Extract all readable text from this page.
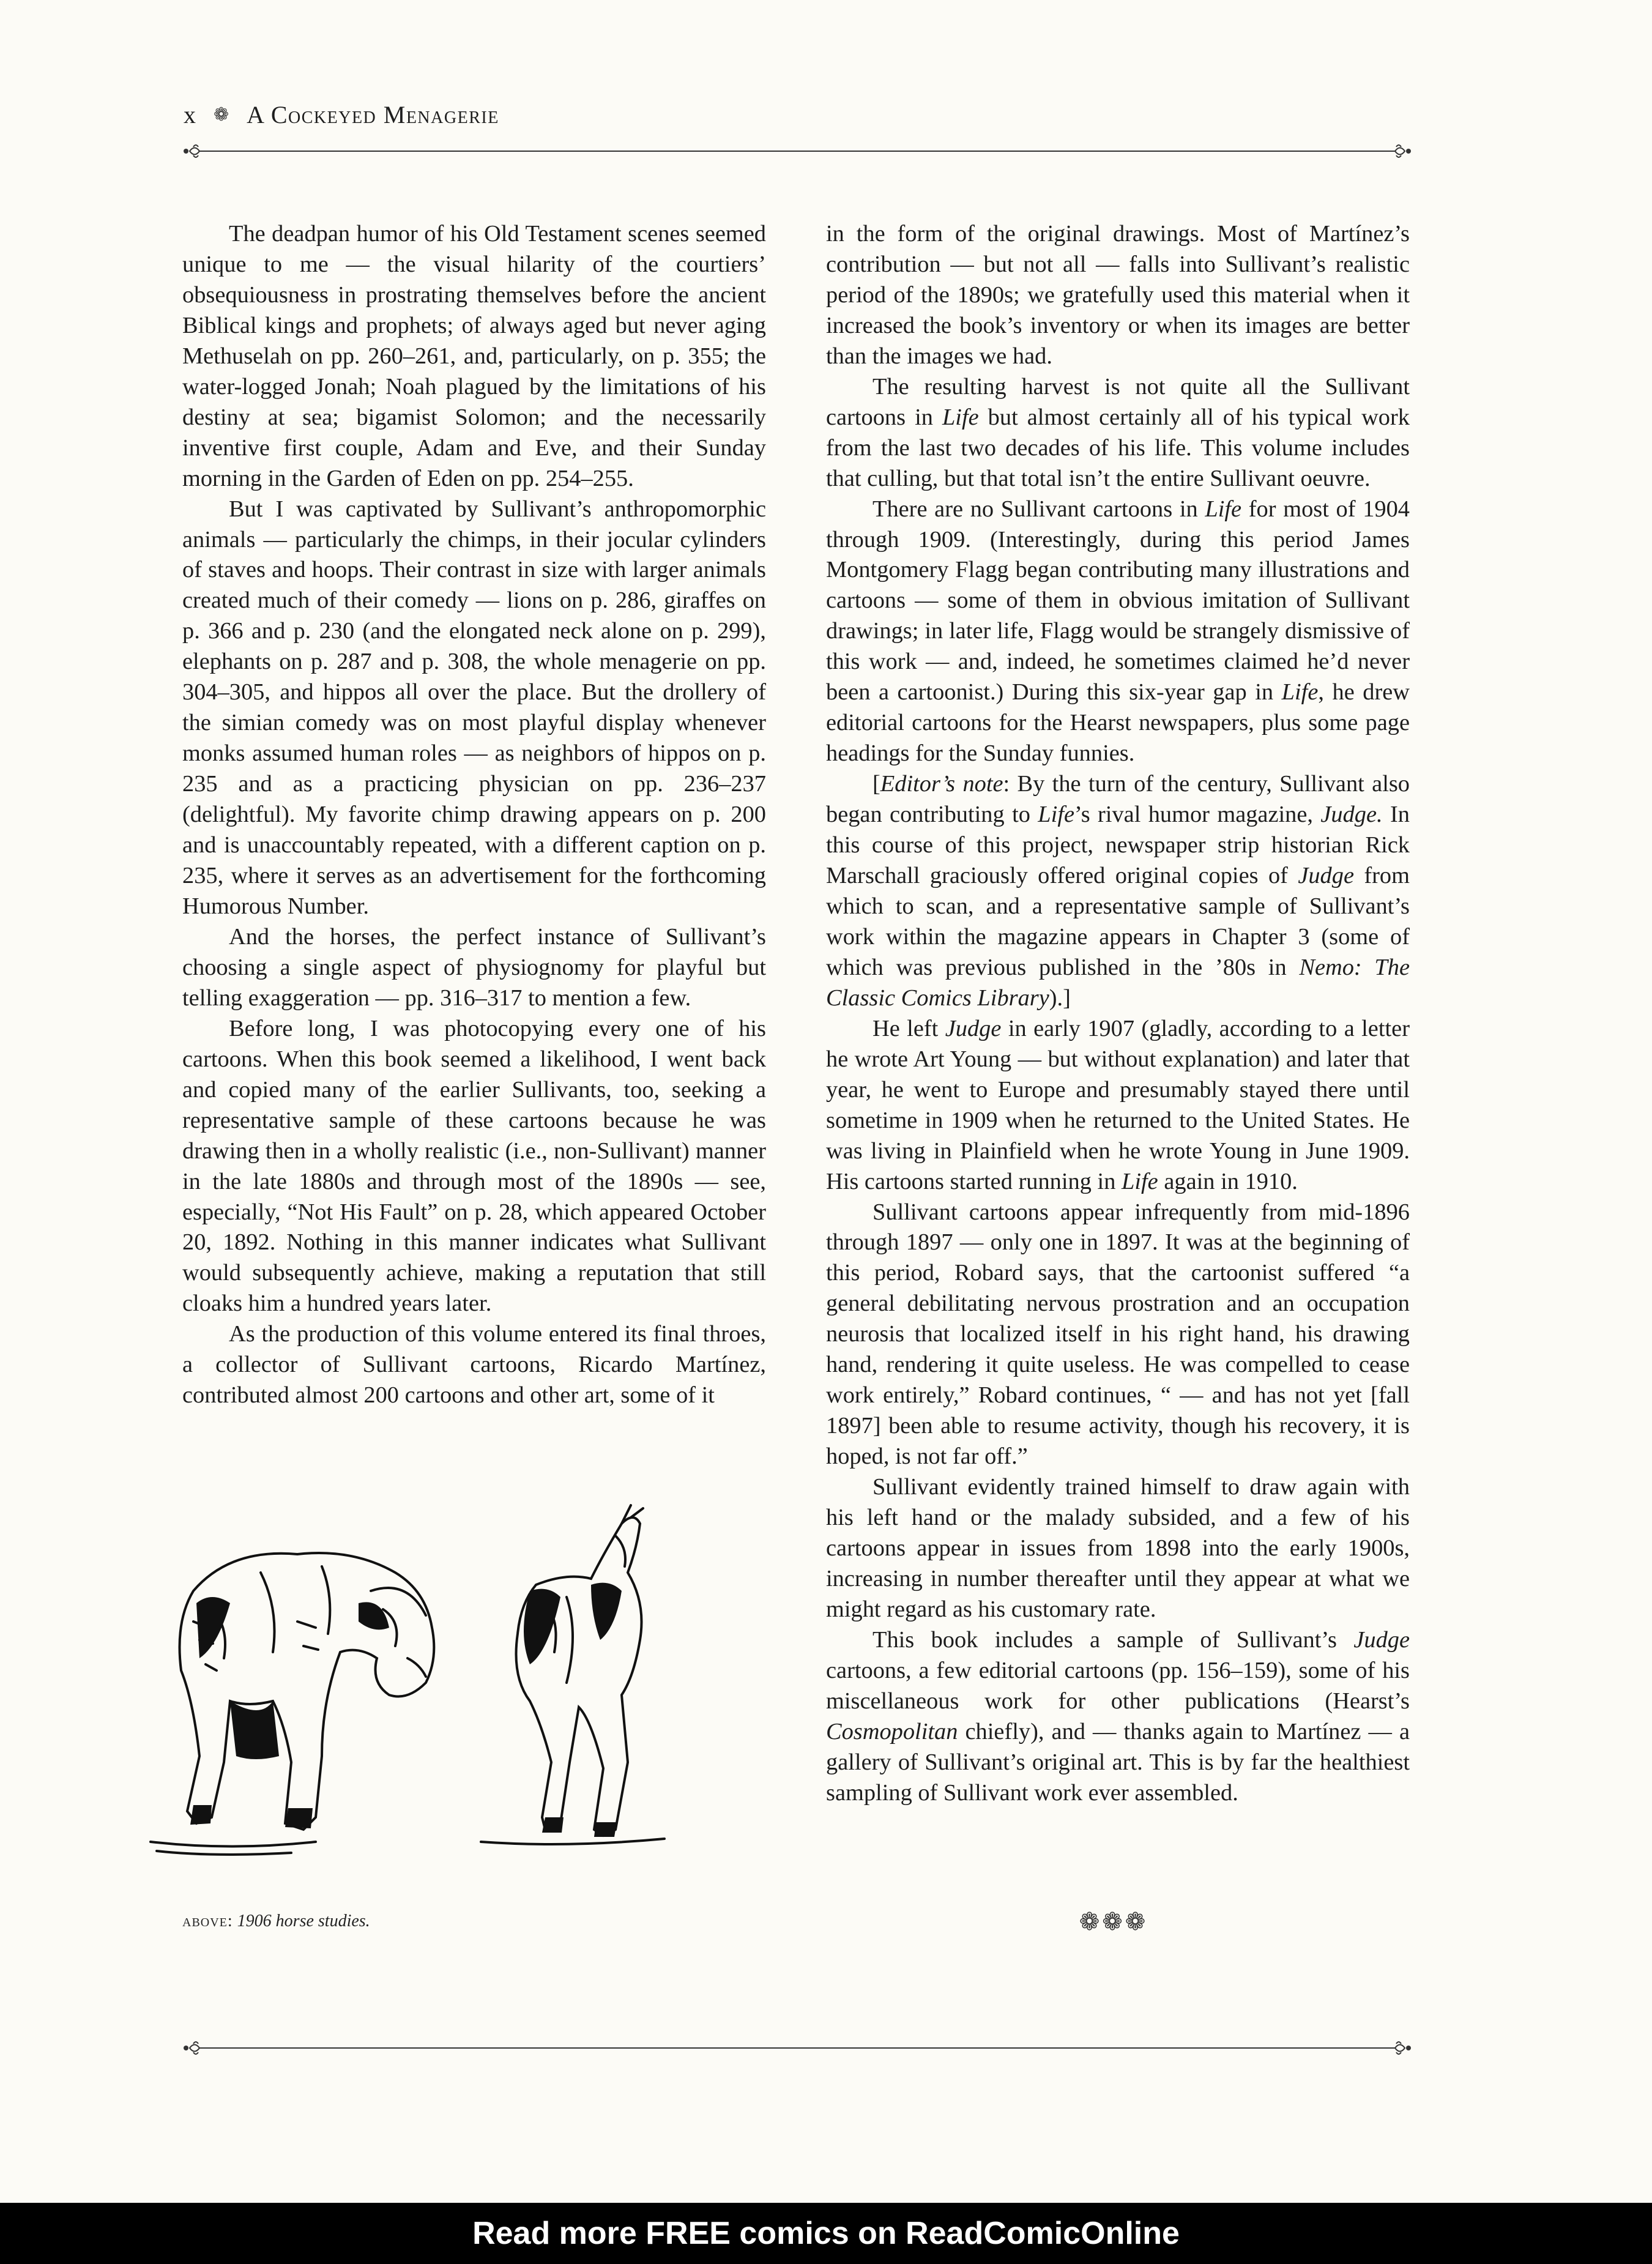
x ❁ A Cockeyed Menagerie

The deadpan humor of his Old Testament scenes seemed unique to me — the visual hilarity of the courtiers’ obsequiousness in prostrating themselves before the ancient Biblical kings and prophets; of always aged but never aging Methuselah on pp. 260–261, and, particularly, on p. 355; the water-logged Jonah; Noah plagued by the limitations of his destiny at sea; bigamist Solomon; and the necessarily inventive first couple, Adam and Eve, and their Sunday morning in the Garden of Eden on pp. 254–255.

But I was captivated by Sullivant’s anthropomorphic animals — particularly the chimps, in their jocular cylinders of staves and hoops. Their contrast in size with larger animals created much of their comedy — lions on p. 286, giraffes on p. 366 and p. 230 (and the elongated neck alone on p. 299), elephants on p. 287 and p. 308, the whole menagerie on pp. 304–305, and hippos all over the place. But the drollery of the simian comedy was on most playful display whenever monks assumed human roles — as neighbors of hippos on p. 235 and as a practicing physician on pp. 236–237 (delightful). My favorite chimp drawing appears on p. 200 and is unaccountably repeated, with a different caption on p. 235, where it serves as an advertisement for the forthcoming Humorous Number.

And the horses, the perfect instance of Sullivant’s choosing a single aspect of physiognomy for playful but telling exaggeration — pp. 316–317 to mention a few.

Before long, I was photocopying every one of his cartoons. When this book seemed a likelihood, I went back and copied many of the earlier Sullivants, too, seeking a representative sample of these cartoons because he was drawing then in a wholly realistic (i.e., non-Sullivant) manner in the late 1880s and through most of the 1890s — see, especially, “Not His Fault” on p. 28, which appeared October 20, 1892. Nothing in this manner indicates what Sullivant would subsequently achieve, making a reputation that still cloaks him a hundred years later.

As the production of this volume entered its final throes, a collector of Sullivant cartoons, Ricardo Martínez, contributed almost 200 cartoons and other art, some of it

in the form of the original drawings. Most of Martínez’s contribution — but not all — falls into Sullivant’s realistic period of the 1890s; we gratefully used this material when it increased the book’s inventory or when its images are better than the images we had.

The resulting harvest is not quite all the Sullivant cartoons in Life but almost certainly all of his typical work from the last two decades of his life. This volume includes that culling, but that total isn’t the entire Sullivant oeuvre.

There are no Sullivant cartoons in Life for most of 1904 through 1909. (Interestingly, during this period James Montgomery Flagg began contributing many illustrations and cartoons — some of them in obvious imitation of Sullivant drawings; in later life, Flagg would be strangely dismissive of this work — and, indeed, he sometimes claimed he’d never been a cartoonist.) During this six-year gap in Life, he drew editorial cartoons for the Hearst newspapers, plus some page headings for the Sunday funnies.

[Editor’s note: By the turn of the century, Sullivant also began contributing to Life’s rival humor magazine, Judge. In this course of this project, newspaper strip historian Rick Marschall graciously offered original copies of Judge from which to scan, and a representative sample of Sullivant’s work within the magazine appears in Chapter 3 (some of which was previous published in the ’80s in Nemo: The Classic Comics Library).]

He left Judge in early 1907 (gladly, according to a letter he wrote Art Young — but without explanation) and later that year, he went to Europe and presumably stayed there until sometime in 1909 when he returned to the United States. He was living in Plainfield when he wrote Young in June 1909. His cartoons started running in Life again in 1910.

Sullivant cartoons appear infrequently from mid-1896 through 1897 — only one in 1897. It was at the beginning of this period, Robard says, that the cartoonist suffered “a general debilitating nervous prostration and an occupation neurosis that localized itself in his right hand, his drawing hand, rendering it quite useless. He was compelled to cease work entirely,” Robard continues, “ — and has not yet [fall 1897] been able to resume activity, though his recovery, it is hoped, is not far off.”

Sullivant evidently trained himself to draw again with his left hand or the malady subsided, and a few of his cartoons appear in issues from 1898 into the early 1900s, increasing in number thereafter until they appear at what we might regard as his customary rate.

This book includes a sample of Sullivant’s Judge cartoons, a few editorial cartoons (pp. 156–159), some of his miscellaneous work for other publications (Hearst’s Cosmopolitan chiefly), and — thanks again to Martínez — a gallery of Sullivant’s original art. This is by far the healthiest sampling of Sullivant work ever assembled.

above: 1906 horse studies.	❁❁❁
Read more FREE comics on ReadComicOnline
